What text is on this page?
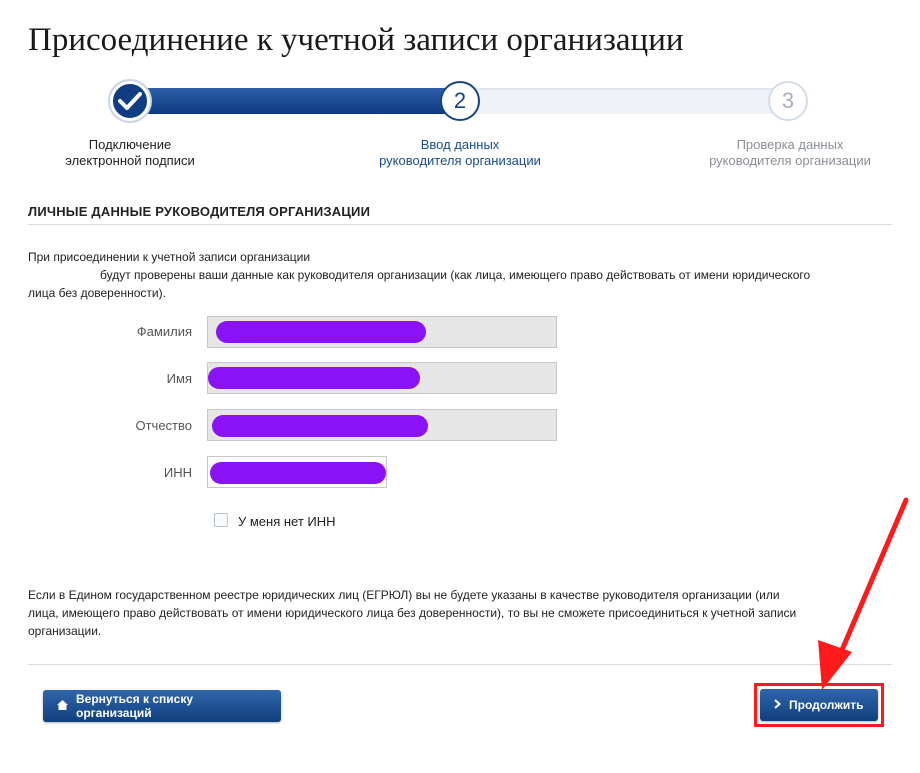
Присоединение к учетной записи организации
2	3
Подключение
электронной подписи
Ввод данных
руководителя организации
Проверка данных
руководителя организации
ЛИЧНЫЕ ДАННЫЕ РУКОВОДИТЕЛЯ ОРГАНИЗАЦИИ
При присоединении к учетной записи организации
будут проверены ваши данные как руководителя организации (как лица, имеющего право действовать от имени юридического
лица без доверенности).
Фамилия
Имя
Отчество
ИНН
У меня нет ИНН
Если в Едином государственном реестре юридических лиц (ЕГРЮЛ) вы не будете указаны в качестве руководителя организации (или
лица, имеющего право действовать от имени юридического лица без доверенности), то вы не сможете присоединиться к учетной записи
организации.
Вернуться к списку организаций
Продолжить
